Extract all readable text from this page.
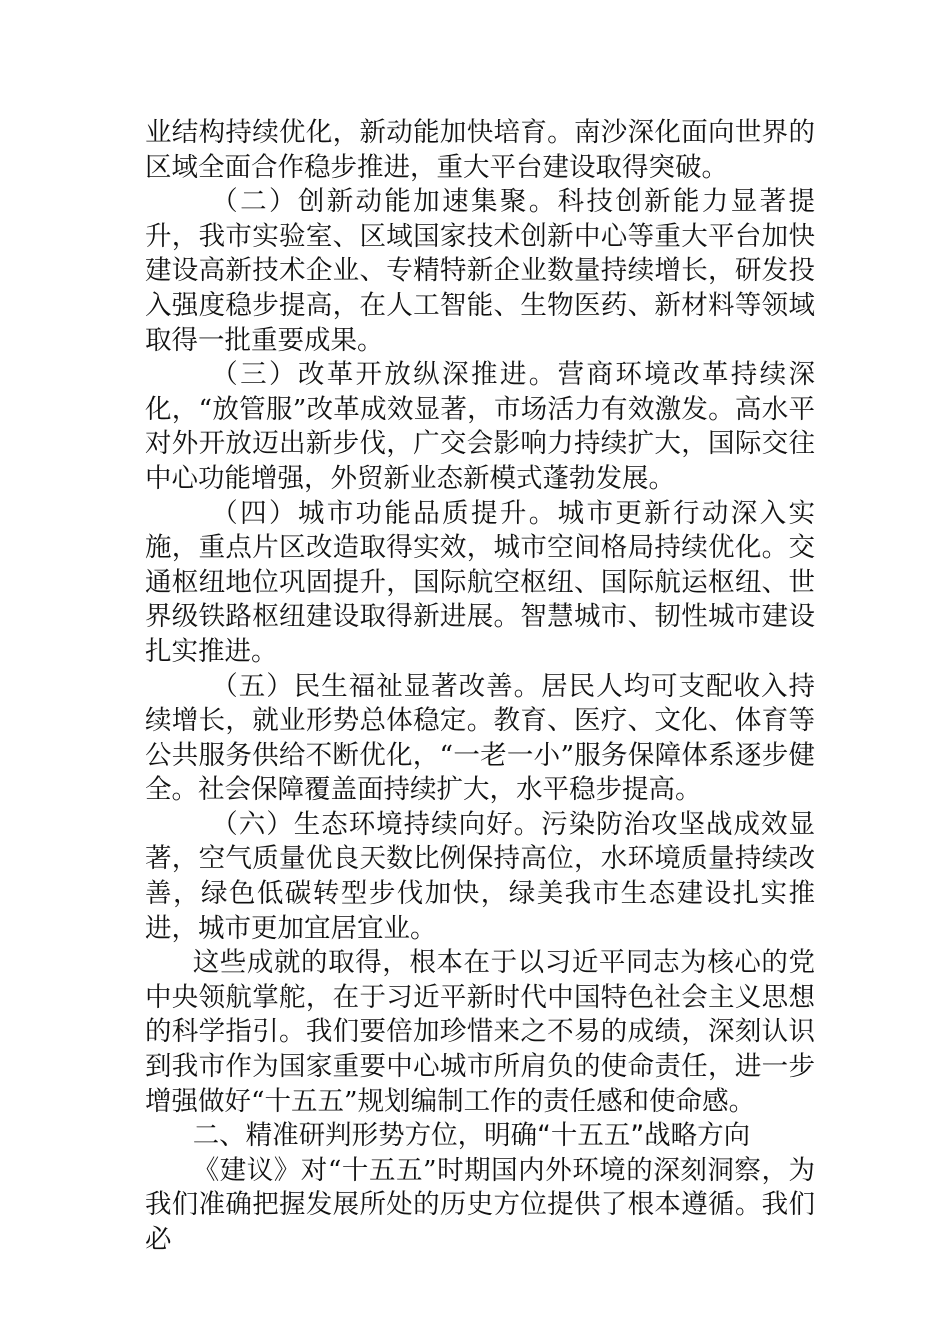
业结构持续优化，新动能加快培育。南沙深化面向世界的区域全面合作稳步推进，重大平台建设取得突破。

（二）创新动能加速集聚。科技创新能力显著提升，我市实验室、区域国家技术创新中心等重大平台加快建设高新技术企业、专精特新企业数量持续增长，研发投入强度稳步提高，在人工智能、生物医药、新材料等领域取得一批重要成果。

（三）改革开放纵深推进。营商环境改革持续深化，“放管服”改革成效显著，市场活力有效激发。高水平对外开放迈出新步伐，广交会影响力持续扩大，国际交往中心功能增强，外贸新业态新模式蓬勃发展。

（四）城市功能品质提升。城市更新行动深入实施，重点片区改造取得实效，城市空间格局持续优化。交通枢纽地位巩固提升，国际航空枢纽、国际航运枢纽、世界级铁路枢纽建设取得新进展。智慧城市、韧性城市建设扎实推进。

（五）民生福祉显著改善。居民人均可支配收入持续增长，就业形势总体稳定。教育、医疗、文化、体育等公共服务供给不断优化，“一老一小”服务保障体系逐步健全。社会保障覆盖面持续扩大，水平稳步提高。

（六）生态环境持续向好。污染防治攻坚战成效显著，空气质量优良天数比例保持高位，水环境质量持续改善，绿色低碳转型步伐加快，绿美我市生态建设扎实推进，城市更加宜居宜业。

这些成就的取得，根本在于以习近平同志为核心的党中央领航掌舵，在于习近平新时代中国特色社会主义思想的科学指引。我们要倍加珍惜来之不易的成绩，深刻认识到我市作为国家重要中心城市所肩负的使命责任，进一步增强做好“十五五”规划编制工作的责任感和使命感。

二、精准研判形势方位，明确“十五五”战略方向

《建议》对“十五五”时期国内外环境的深刻洞察，为我们准确把握发展所处的历史方位提供了根本遵循。我们必
